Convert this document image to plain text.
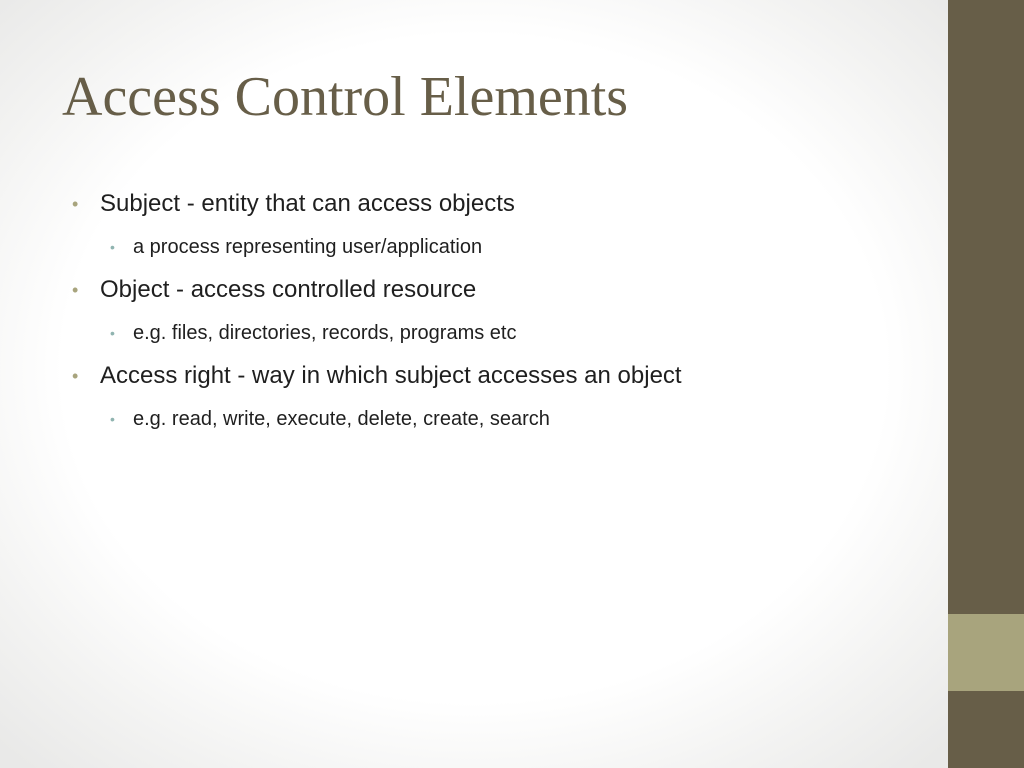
Access Control Elements
• Subject - entity that can access objects
• a process representing user/application
• Object - access controlled resource
• e.g. files, directories, records, programs etc
• Access right - way in which subject accesses an object
• e.g. read, write, execute, delete, create, search
